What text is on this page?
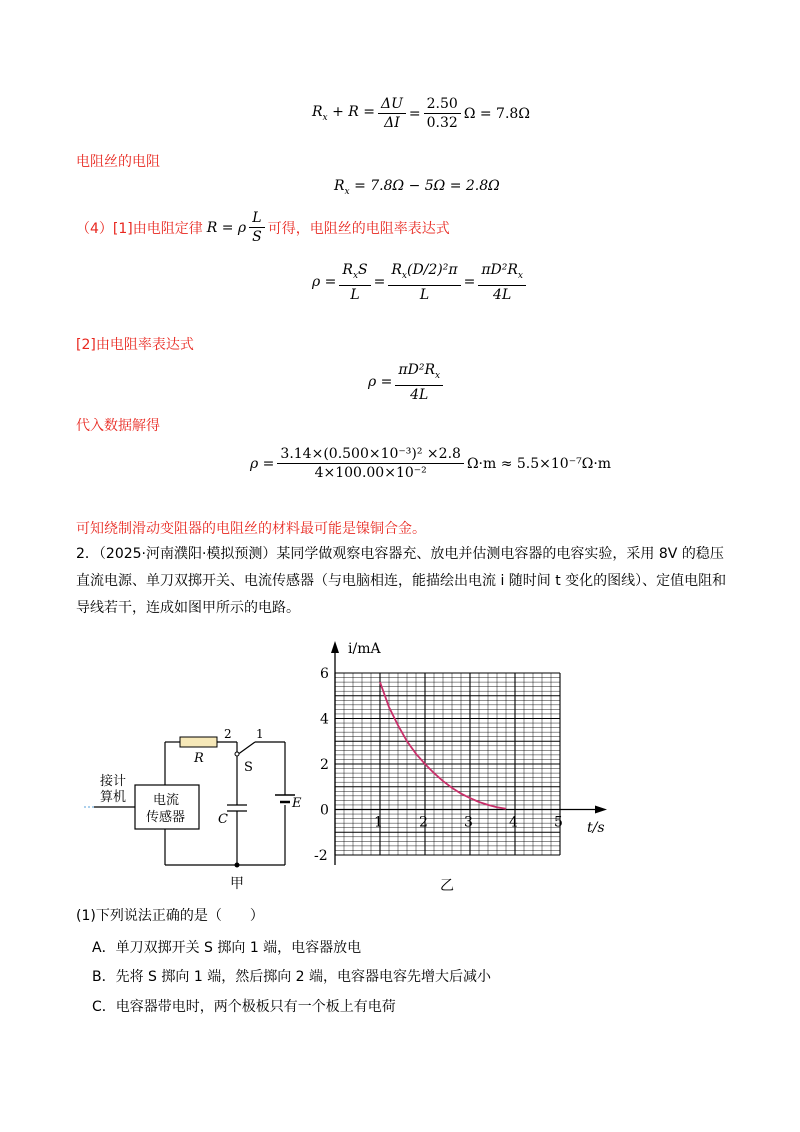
$R_x + R = \frac{\Delta U}{\Delta I} = \frac{2.50}{0.32}$ Ω = 7.8Ω
电阻丝的电阻
$R_x = 7.8\Omega - 5\Omega = 2.8\Omega$
（4）[1]由电阻定律 R = ρ $\frac{L}{S}$ 可得，电阻丝的电阻率表达式
$\rho = \frac{R_xS}{L} = \frac{R_x(D/2)^2\pi}{L} = \frac{\pi D^2R_x}{4L}$
[2]由电阻率表达式
$\rho = \frac{\pi D^2R_x}{4L}$
代入数据解得
$\rho = \frac{\text{3.14×(0.500×10⁻³)² ×2.8}}{\text{4×100.00×10⁻²}} \Omega\cdot m \approx 5.5\times 10^{-7}\Omega\cdot m$
可知绕制滑动变阻器的电阻丝的材料最可能是镍铜合金。
2．（2025·河南濮阳·模拟预测）某同学做观察电容器充、放电并估测电容器的电容实验，采用 8V 的稳压
直流电源、单刀双掷开关、电流传感器（与电脑相连，能描绘出电流 i 随时间 t 变化的图线）、定值电阻和
导线若干，连成如图甲所示的电路。
接计
算机 电流
传感器
R
C
E
S
1
2
甲
1	2	3	4	5
6
4
2
0
-2
i/mA
t/s
乙
(1)下列说法正确的是（　　）
A．单刀双掷开关 S 掷向 1 端，电容器放电
B．先将 S 掷向 1 端，然后掷向 2 端，电容器电容先增大后减小
C．电容器带电时，两个极板只有一个板上有电荷
